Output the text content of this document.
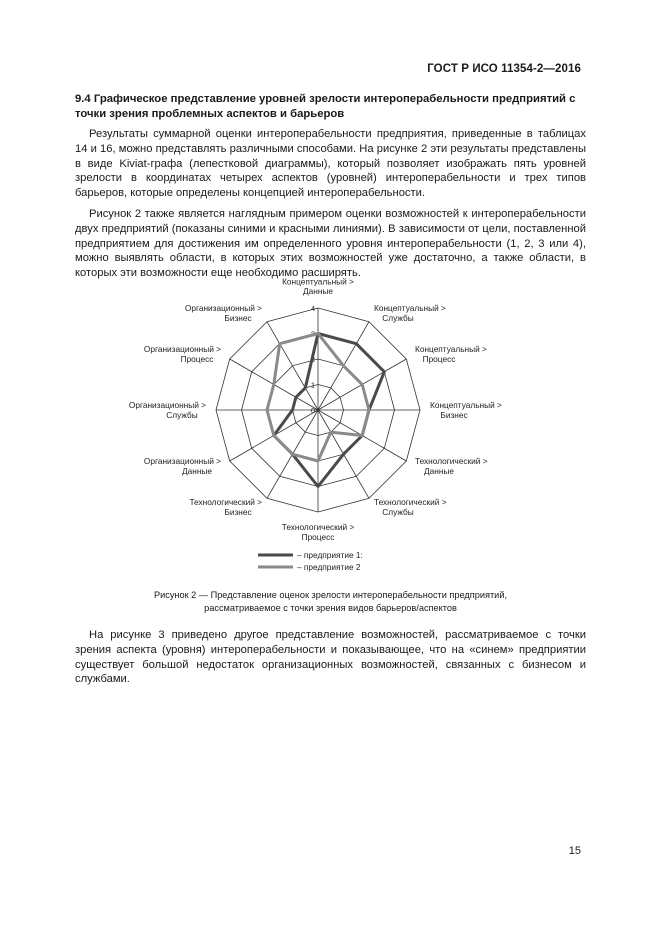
ГОСТ Р ИСО 11354-2—2016

9.4 Графическое представление уровней зрелости интероперабельности предприятий с точки зрения проблемных аспектов и барьеров

Результаты суммарной оценки интероперабельности предприятия, приведенные в таблицах 14 и 16, можно представлять различными способами. На рисунке 2 эти результаты представлены в виде Kiviat-графа (лепестковой диаграммы), который позволяет изображать пять уровней зрелости в координатах четырех аспектов (уровней) интероперабельности и трех типов барьеров, которые определены концепцией интероперабельности.

Рисунок 2 также является наглядным примером оценки возможностей к интероперабельности двух предприятий (показаны синими и красными линиями). В зависимости от цели, поставленной предприятием для достижения им определенного уровня интероперабельности (1, 2, 3 или 4), можно выявлять области, в которых этих возможностей уже достаточно, а также области, в которых эти возможности еще необходимо расширять.

0
1
2
3
4
Концептуальный > Данные
Концептуальный > Службы
Концептуальный > Процесс
Концептуальный > Бизнес
Технологический > Данные
Технологический > Службы
Технологический > Процесс
Технологический > Бизнес
Организационный > Данные
Организационный > Службы
Организационный > Процесс
Организационный > Бизнес
– предприятие 1:
– предприятие 2
Рисунок 2 — Представление оценок зрелости интероперабельности предприятий,
рассматриваемое с точки зрения видов барьеров/аспектов

На рисунке 3 приведено другое представление возможностей, рассматриваемое с точки зрения аспекта (уровня) интероперабельности и показывающее, что на «синем» предприятии существует большой недостаток организационных возможностей, связанных с бизнесом и службами.

15
